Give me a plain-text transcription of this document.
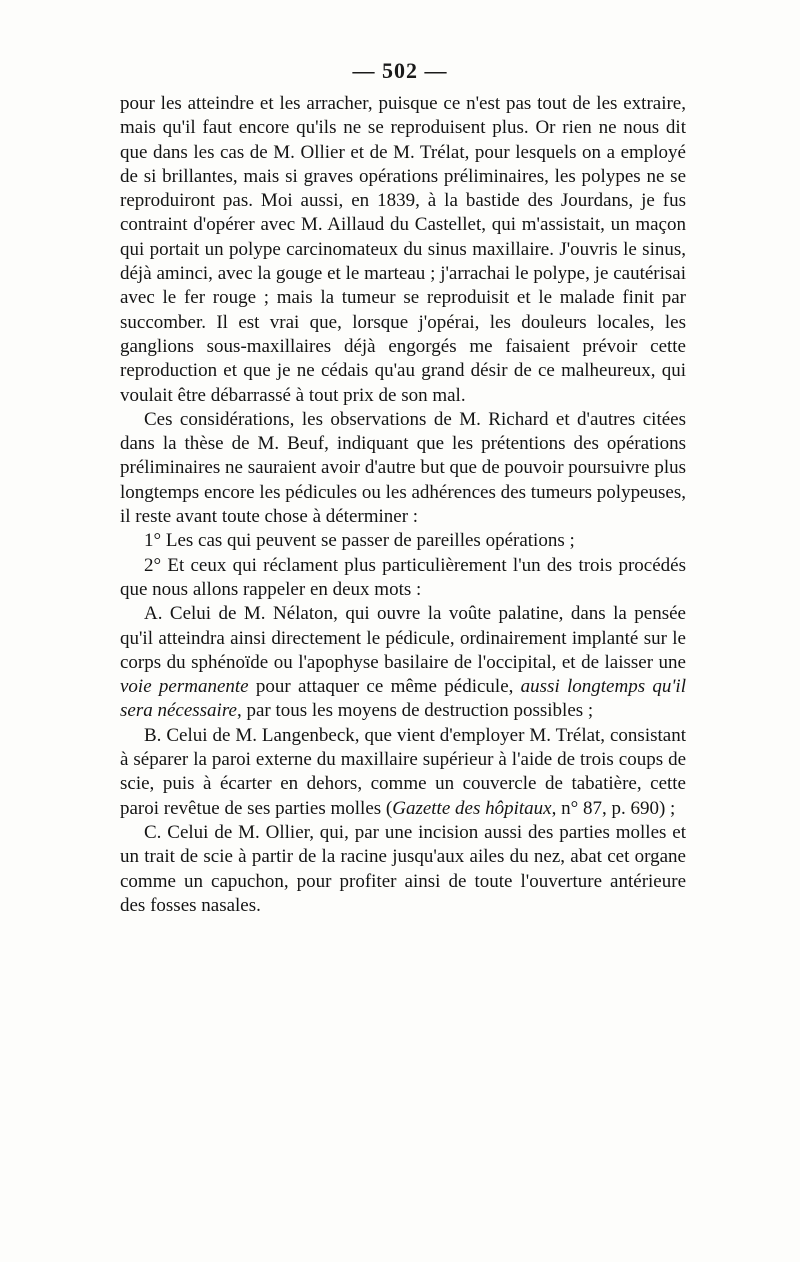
— 502 —

pour les atteindre et les arracher, puisque ce n'est pas tout de les extraire, mais qu'il faut encore qu'ils ne se reproduisent plus. Or rien ne nous dit que dans les cas de M. Ollier et de M. Trélat, pour lesquels on a employé de si brillantes, mais si graves opérations préliminaires, les polypes ne se reproduiront pas. Moi aussi, en 1839, à la bastide des Jourdans, je fus contraint d'opérer avec M. Aillaud du Castellet, qui m'assistait, un maçon qui portait un polype carcinomateux du sinus maxillaire. J'ouvris le sinus, déjà aminci, avec la gouge et le marteau ; j'arrachai le polype, je cautérisai avec le fer rouge ; mais la tumeur se reproduisit et le malade finit par succomber. Il est vrai que, lorsque j'opérai, les douleurs locales, les ganglions sous-maxillaires déjà engorgés me faisaient prévoir cette reproduction et que je ne cédais qu'au grand désir de ce malheureux, qui voulait être débarrassé à tout prix de son mal.

Ces considérations, les observations de M. Richard et d'autres citées dans la thèse de M. Beuf, indiquant que les prétentions des opérations préliminaires ne sauraient avoir d'autre but que de pouvoir poursuivre plus longtemps encore les pédicules ou les adhérences des tumeurs polypeuses, il reste avant toute chose à déterminer :

1° Les cas qui peuvent se passer de pareilles opérations ;

2° Et ceux qui réclament plus particulièrement l'un des trois procédés que nous allons rappeler en deux mots :

A. Celui de M. Nélaton, qui ouvre la voûte palatine, dans la pensée qu'il atteindra ainsi directement le pédicule, ordinairement implanté sur le corps du sphénoïde ou l'apophyse basilaire de l'occipital, et de laisser une voie permanente pour attaquer ce même pédicule, aussi longtemps qu'il sera nécessaire, par tous les moyens de destruction possibles ;

B. Celui de M. Langenbeck, que vient d'employer M. Trélat, consistant à séparer la paroi externe du maxillaire supérieur à l'aide de trois coups de scie, puis à écarter en dehors, comme un couvercle de tabatière, cette paroi revêtue de ses parties molles (Gazette des hôpitaux, n° 87, p. 690) ;

C. Celui de M. Ollier, qui, par une incision aussi des parties molles et un trait de scie à partir de la racine jusqu'aux ailes du nez, abat cet organe comme un capuchon, pour profiter ainsi de toute l'ouverture antérieure des fosses nasales.
